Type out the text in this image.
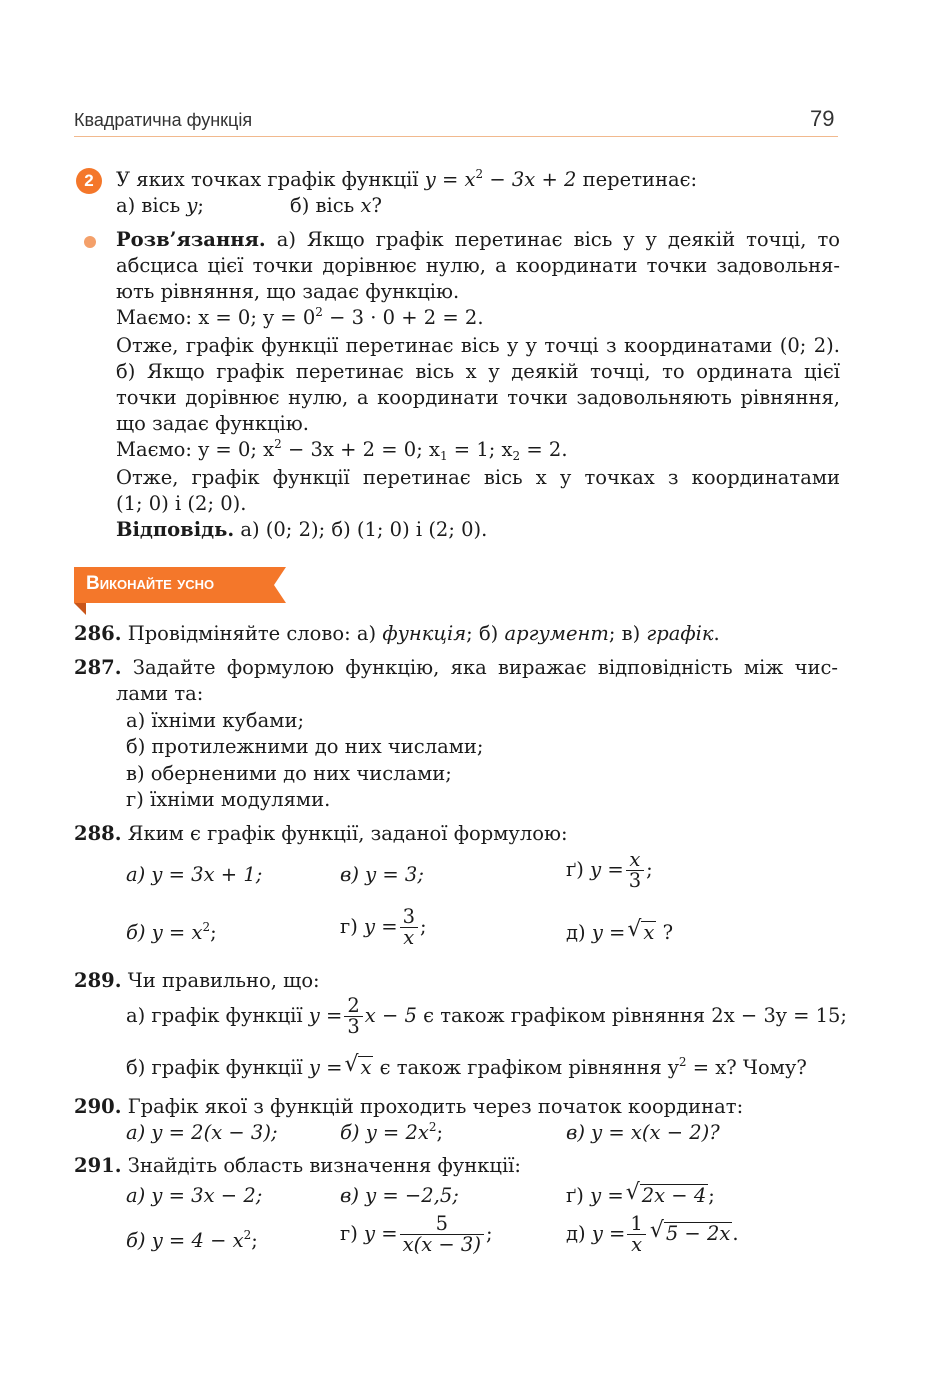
Квадратична функція	79
2	У яких точках графік функції $y = x^2 - 3x + 2$ перетинає:
а) вісь y;	б) вісь x?
Розв’язання. а) Якщо графік перетинає вісь y у деякій точці, то
абсциса цієї точки дорівнює нулю, а координати точки задовольня-
ють рівняння, що задає функцію.
Маємо: x = 0; $y = 0^2 - 3 \cdot 0 + 2 = 2$.
Отже, графік функції перетинає вісь y у точці з координатами (0; 2).
б) Якщо графік перетинає вісь x у деякій точці, то ордината цієї
точки дорівнює нулю, а координати точки задовольняють рівняння,
що задає функцію.
Маємо: y = 0; $x^2 - 3x + 2 = 0$; $x_1 = 1$; $x_2 = 2$.
Отже, графік функції перетинає вісь x у точках з координатами
(1; 0) і (2; 0).
Відповідь. а) (0; 2); б) (1; 0) і (2; 0).
Виконайте усно
286. Провідміняйте слово: а) функція; б) аргумент; в) графік.
287. Задайте формулою функцію, яка виражає відповідність між чис-
лами та:
а) їхніми кубами;
б) протилежними до них числами;
в) оберненими до них числами;
г) їхніми модулями.
288. Яким є графік функції, заданої формулою:
а) y = 3x + 1;	в) y = 3;	ґ) $y = \frac{x}{3}$ ;
б) $y = x^2$;	г) $y = \frac{3}{x}$ ;	д) y = √ x ?
289. Чи правильно, що:
а) графік функції $y = \frac{2}{3}$ x − 5 є також графіком рівняння 2x − 3y = 15;
б) графік функції y = √ x є також графіком рівняння $y^2 = x$? Чому?
290. Графік якої з функцій проходить через початок координат:
а) y = 2(x − 3);	б) $y = 2x^2$;	в) y = x(x − 2)?
291. Знайдіть область визначення функції:
а) y = 3x − 2;	в) y = −2,5;	ґ) y = √ 2x − 4 ;
б) $y = 4 - x^2$;	г) $y = \frac{5}{x(x - 3)}$ ;	д) $y = \frac{1}{x}$ √ 5 − 2x .
